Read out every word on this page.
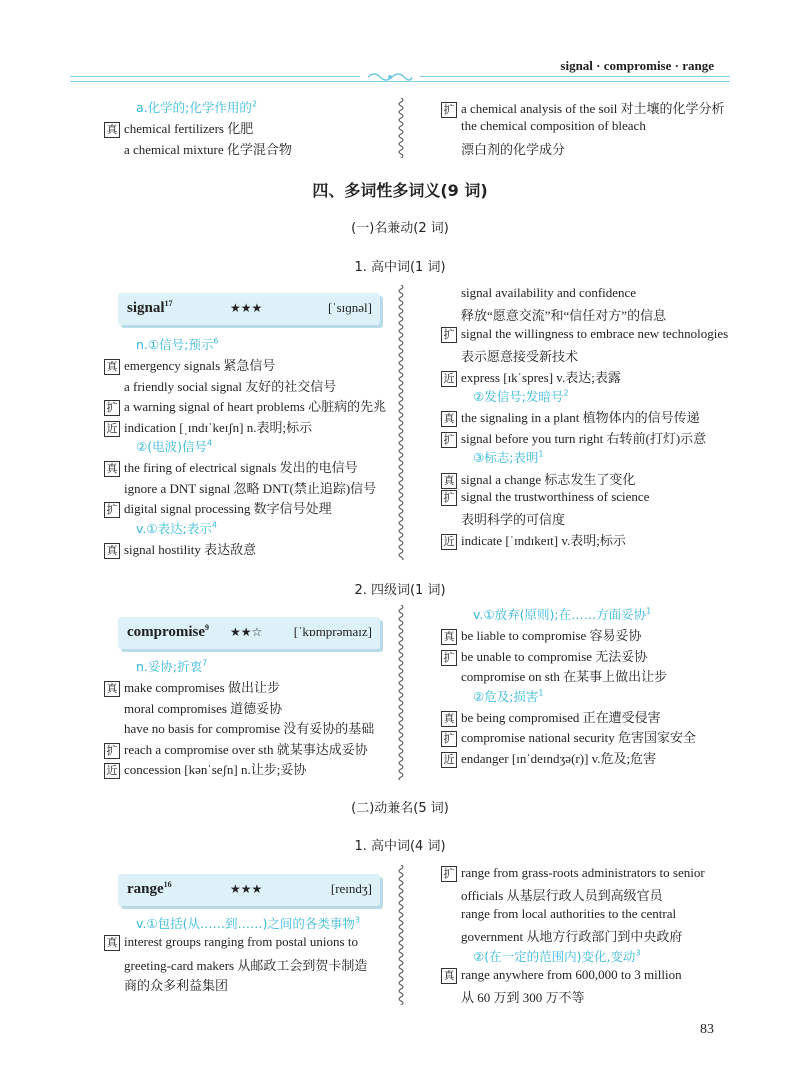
signal · compromise · range
a.化学的;化学作用的$^2$
真 chemical fertilizers 化肥
a chemical mixture 化学混合物
扩 a chemical analysis of the soil 对土壤的化学分析
the chemical composition of bleach
漂白剂的化学成分
n.①信号;预示$^6$
真 emergency signals 紧急信号
a friendly social signal 友好的社交信号
扩 a warning signal of heart problems 心脏病的先兆
近 indication [ˌɪndɪˈkeɪʃn] n.表明;标示
②(电波)信号$^4$
真 the firing of electrical signals 发出的电信号
ignore a DNT signal 忽略 DNT(禁止追踪)信号
扩 digital signal processing 数字信号处理
v.①表达;表示$^4$
真 signal hostility 表达敌意
signal availability and confidence
释放“愿意交流”和“信任对方”的信息
扩 signal the willingness to embrace new technologies
表示愿意接受新技术
近 express [ɪkˈspres] v.表达;表露
②发信号;发暗号$^2$
真 the signaling in a plant 植物体内的信号传递
扩 signal before you turn right 右转前(打灯)示意
③标志;表明$^1$
真 signal a change 标志发生了变化
扩 signal the trustworthiness of science
表明科学的可信度
近 indicate [ˈɪndɪkeɪt] v.表明;标示
n.妥协;折衷$^7$
真 make compromises 做出让步
moral compromises 道德妥协
have no basis for compromise 没有妥协的基础
扩 reach a compromise over sth 就某事达成妥协
近 concession [kənˈseʃn] n.让步;妥协
v.①放弃(原则);在……方面妥协$^1$
真 be liable to compromise 容易妥协
扩 be unable to compromise 无法妥协
compromise on sth 在某事上做出让步
②危及;损害$^1$
真 be being compromised 正在遭受侵害
扩 compromise national security 危害国家安全
近 endanger [ɪnˈdeɪndʒə(r)] v.危及;危害
v.①包括(从……到……)之间的各类事物$^3$
真 interest groups ranging from postal unions to
greeting-card makers 从邮政工会到贺卡制造
商的众多利益集团
扩 range from grass-roots administrators to senior
officials 从基层行政人员到高级官员
range from local authorities to the central
government 从地方行政部门到中央政府
②(在一定的范围内)变化,变动$^3$
真 range anywhere from 600,000 to 3 million
从 60 万到 300 万不等
四、多词性多词义(9 词)
(一)名兼动(2 词)
1. 高中词(1 词)
2. 四级词(1 词)
(二)动兼名(5 词)
1. 高中词(4 词)
signal$^{17}$	★★★	[ˈsɪɡnəl]
compromise$^9$ ★★☆ [ˈkɒmprəmaɪz]
range$^{16}$	★★★	[reɪndʒ]
83
